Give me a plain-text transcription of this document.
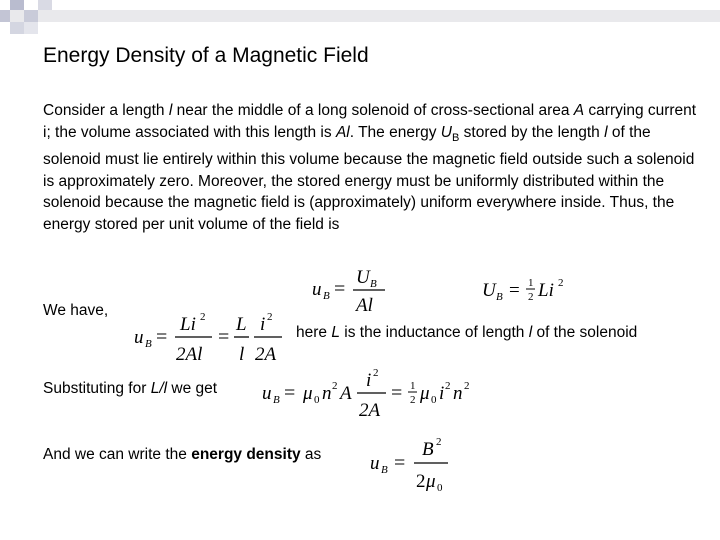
Energy Density of a Magnetic Field
Consider a length l near the middle of a long solenoid of cross-sectional area A carrying current i; the volume associated with this length is Al. The energy $U_B$ stored by the length l of the solenoid must lie entirely within this volume because the magnetic field outside such a solenoid is approximately zero. Moreover, the stored energy must be uniformly distributed within the solenoid because the magnetic field is (approximately) uniform everywhere inside. Thus, the energy stored per unit volume of the field is
u B =
U B
Al
U B = 1
2 Li 2
We have,
u B =
Li 2
2Al
=
L
l
i 2
2A
here L is the inductance of length l of the solenoid
Substituting for L/l we get u B = μ 0 n 2 A
i 2
2A
= 1
2 μ 0 i 2 n 2
And we can write the energy density as	u B =
B 2
2 μ 0
